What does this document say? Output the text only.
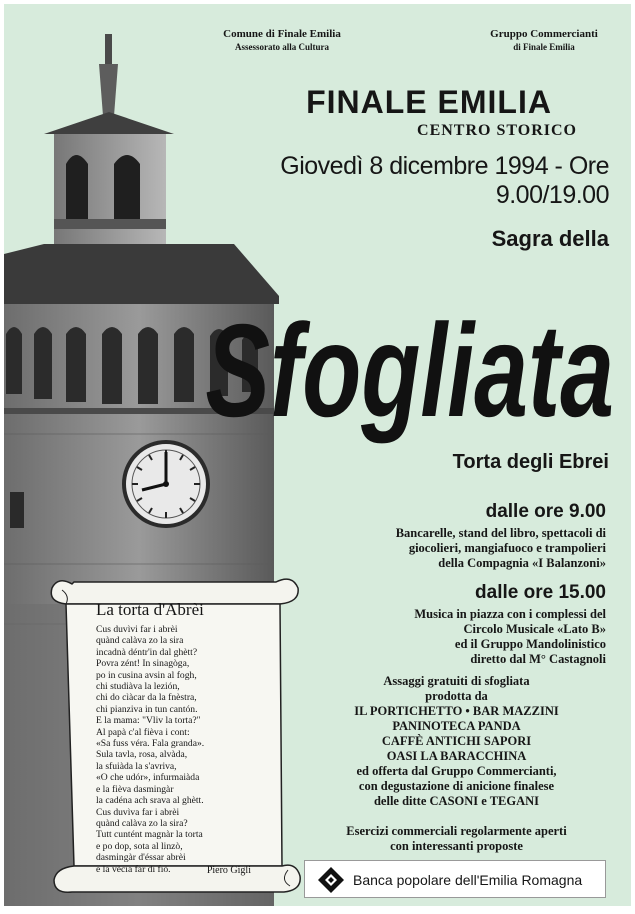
Comune di Finale Emilia
Assessorato alla Cultura
Gruppo Commercianti
di Finale Emilia
FINALE EMILIA
CENTRO STORICO
Giovedì 8 dicembre 1994 - Ore 9.00/19.00
Sagra della
Sfogliata
Torta degli Ebrei
dalle ore 9.00

Bancarelle, stand del libro, spettacoli di

giocolieri, mangiafuoco e trampolieri

della Compagnia «I Balanzoni»

dalle ore 15.00

Musica in piazza con i complessi del

Circolo Musicale «Lato B»

ed il Gruppo Mandolinistico

diretto dal M° Castagnoli

Assaggi gratuiti di sfogliata

prodotta da

IL PORTICHETTO • BAR MAZZINI

PANINOTECA PANDA

CAFFÈ ANTICHI SAPORI

OASI LA BARACCHINA

ed offerta dal Gruppo Commercianti,

con degustazione di anicione finalese

delle ditte CASONI e TEGANI

Esercizi commerciali regolarmente aperti

con interessanti proposte

Banca popolare dell'Emilia Romagna
La torta d'Abrèi
Cus duvìvi far i abrèi
quànd calàva zo la sira
incadnà déntr'in dal ghètt?
Povra zént! In sinagòga,
po in cusina avsin al fogh,
chi studiàva la lezión,
chi do cìàcar da la fnèstra,
chi pianziva in tun cantón.
E la mama: "Vliv la torta?"
Al papà c'al fièva i cont:
«Sa fuss véra. Fala granda».
Sula tavla, rosa, alvàda,
la sfuiàda la s'avriva,
«O che udór», infurmaiàda
e la fièva dasmingàr
la cadéna ach srava al ghètt.
Cus duvìva far i abrèi
quànd calàva zo la sira?
Tutt cuntént magnàr la torta
e po dop, sota al linzò,
dasmingàr d'éssar abrèi
e la vècia far di fiò.	Piero Gigli
